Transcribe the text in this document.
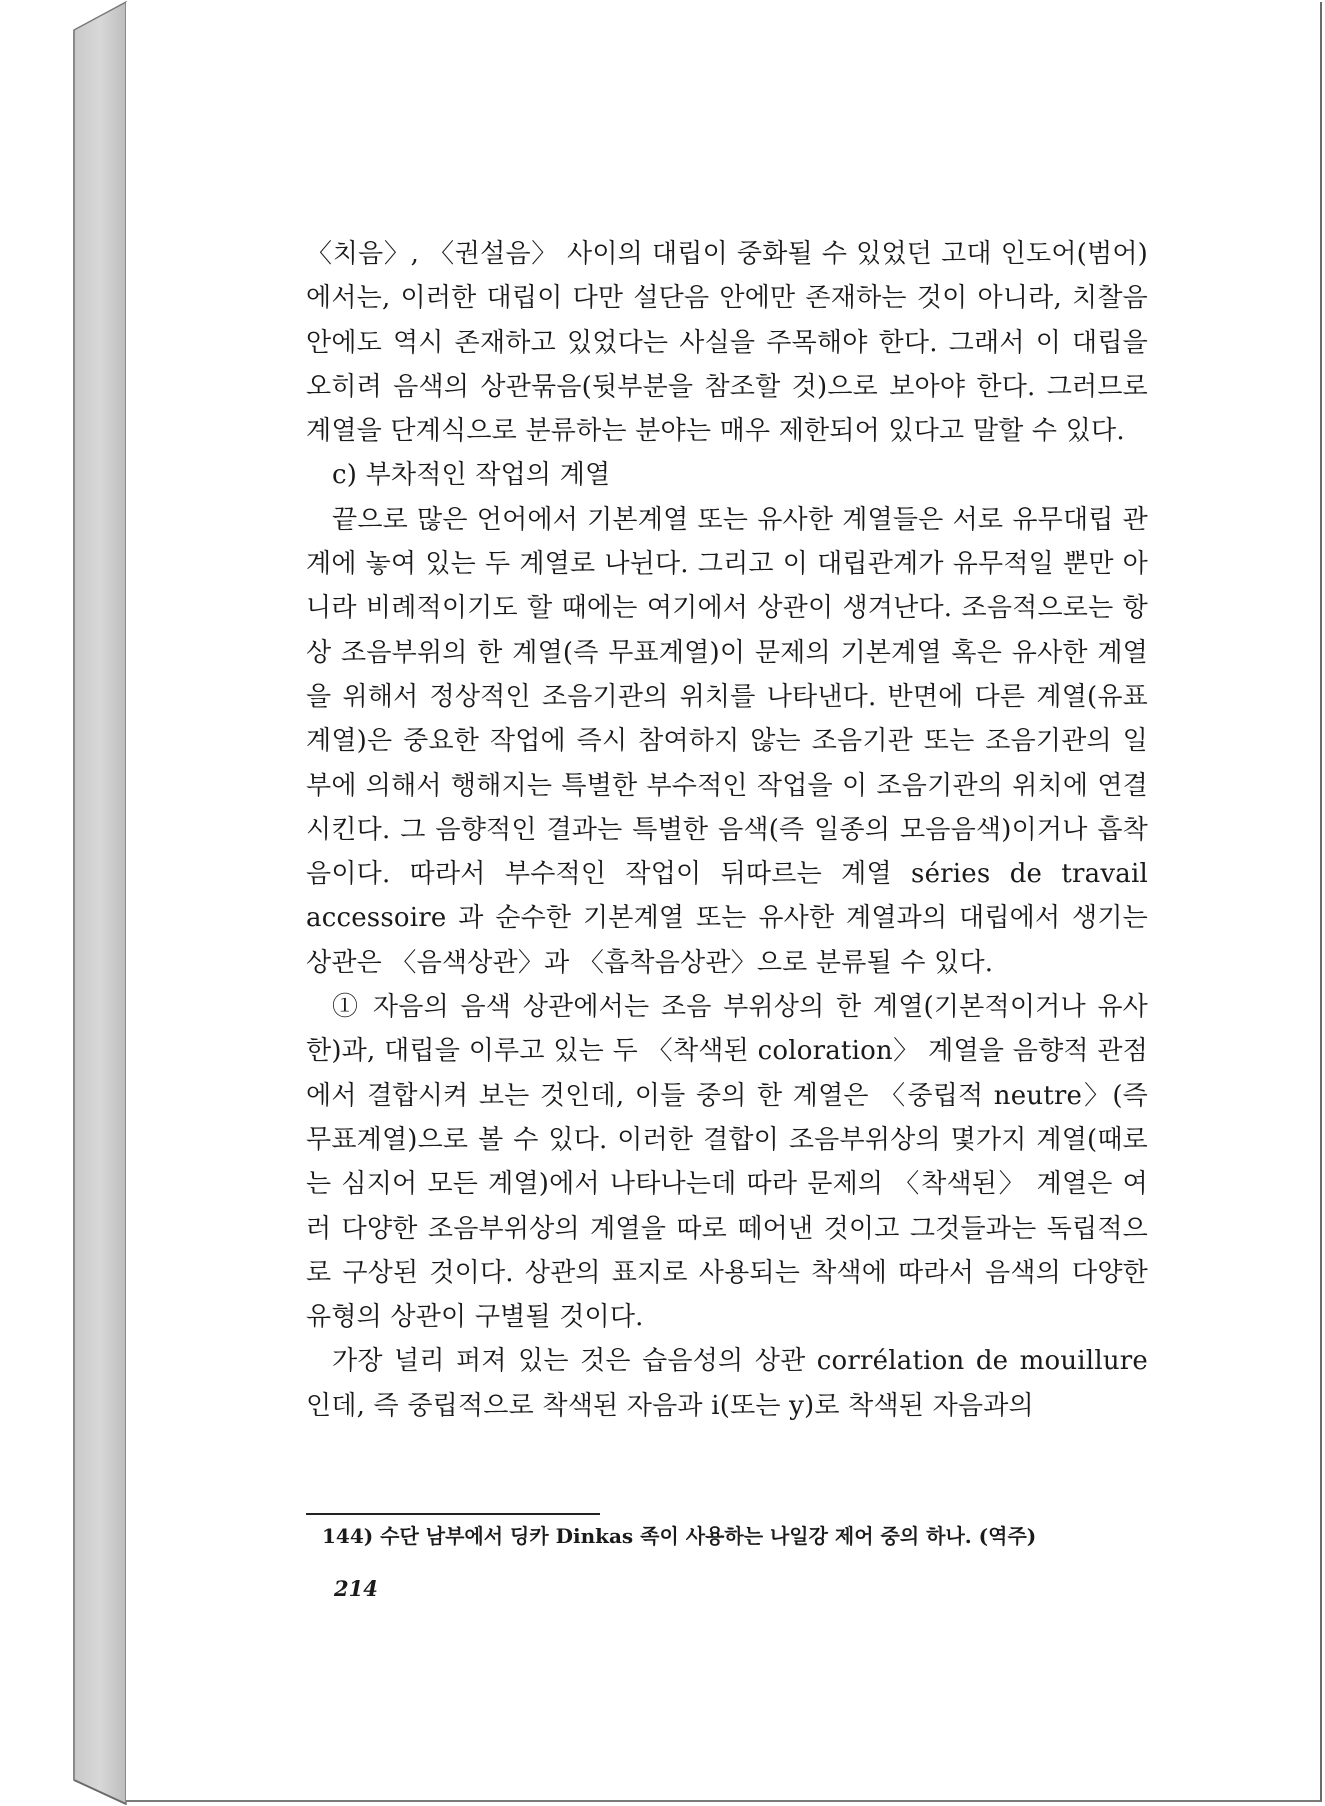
〈치음〉, 〈권설음〉 사이의 대립이 중화될 수 있었던 고대 인도어(범어)에서는, 이러한 대립이 다만 설단음 안에만 존재하는 것이 아니라, 치찰음 안에도 역시 존재하고 있었다는 사실을 주목해야 한다. 그래서 이 대립을 오히려 음색의 상관묶음(뒷부분을 참조할 것)으로 보아야 한다. 그러므로 계열을 단계식으로 분류하는 분야는 매우 제한되어 있다고 말할 수 있다.

c) 부차적인 작업의 계열

끝으로 많은 언어에서 기본계열 또는 유사한 계열들은 서로 유무대립 관계에 놓여 있는 두 계열로 나뉜다. 그리고 이 대립관계가 유무적일 뿐만 아니라 비례적이기도 할 때에는 여기에서 상관이 생겨난다. 조음적으로는 항상 조음부위의 한 계열(즉 무표계열)이 문제의 기본계열 혹은 유사한 계열을 위해서 정상적인 조음기관의 위치를 나타낸다. 반면에 다른 계열(유표계열)은 중요한 작업에 즉시 참여하지 않는 조음기관 또는 조음기관의 일부에 의해서 행해지는 특별한 부수적인 작업을 이 조음기관의 위치에 연결시킨다. 그 음향적인 결과는 특별한 음색(즉 일종의 모음음색)이거나 흡착음이다. 따라서 부수적인 작업이 뒤따르는 계열 séries de travail accessoire 과 순수한 기본계열 또는 유사한 계열과의 대립에서 생기는 상관은 〈음색상관〉과 〈흡착음상관〉으로 분류될 수 있다.

① 자음의 음색 상관에서는 조음 부위상의 한 계열(기본적이거나 유사한)과, 대립을 이루고 있는 두 〈착색된 coloration〉 계열을 음향적 관점에서 결합시켜 보는 것인데, 이들 중의 한 계열은 〈중립적 neutre〉(즉 무표계열)으로 볼 수 있다. 이러한 결합이 조음부위상의 몇가지 계열(때로는 심지어 모든 계열)에서 나타나는데 따라 문제의 〈착색된〉 계열은 여러 다양한 조음부위상의 계열을 따로 떼어낸 것이고 그것들과는 독립적으로 구상된 것이다. 상관의 표지로 사용되는 착색에 따라서 음색의 다양한 유형의 상관이 구별될 것이다.

가장 널리 퍼져 있는 것은 습음성의 상관 corrélation de mouillure 인데, 즉 중립적으로 착색된 자음과 i(또는 y)로 착색된 자음과의

144) 수단 남부에서 딩카 Dinkas 족이 사용하는 나일강 제어 중의 하나. (역주)
214
